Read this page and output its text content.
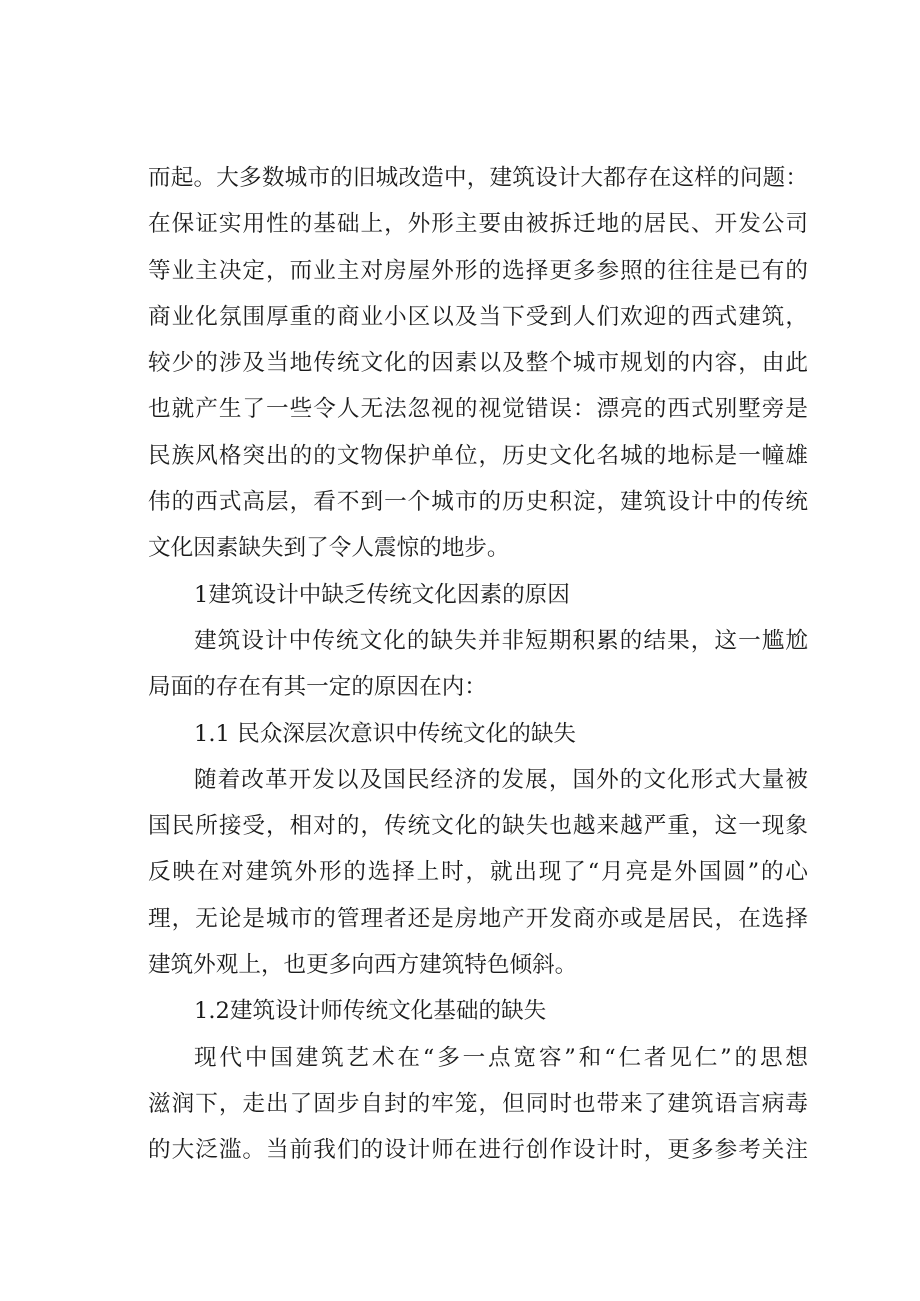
而起。大多数城市的旧城改造中，建筑设计大都存在这样的问题：
在保证实用性的基础上，外形主要由被拆迁地的居民、开发公司
等业主决定，而业主对房屋外形的选择更多参照的往往是已有的
商业化氛围厚重的商业小区以及当下受到人们欢迎的西式建筑，
较少的涉及当地传统文化的因素以及整个城市规划的内容，由此
也就产生了一些令人无法忽视的视觉错误：漂亮的西式别墅旁是
民族风格突出的的文物保护单位，历史文化名城的地标是一幢雄
伟的西式高层，看不到一个城市的历史积淀，建筑设计中的传统
文化因素缺失到了令人震惊的地步。
1建筑设计中缺乏传统文化因素的原因
建筑设计中传统文化的缺失并非短期积累的结果，这一尴尬
局面的存在有其一定的原因在内：
1.1 民众深层次意识中传统文化的缺失
随着改革开发以及国民经济的发展，国外的文化形式大量被
国民所接受，相对的，传统文化的缺失也越来越严重，这一现象
反映在对建筑外形的选择上时，就出现了“月亮是外国圆”的心
理，无论是城市的管理者还是房地产开发商亦或是居民，在选择
建筑外观上，也更多向西方建筑特色倾斜。
1.2建筑设计师传统文化基础的缺失
现代中国建筑艺术在“多一点宽容”和“仁者见仁”的思想
滋润下，走出了固步自封的牢笼，但同时也带来了建筑语言病毒
的大泛滥。当前我们的设计师在进行创作设计时，更多参考关注
